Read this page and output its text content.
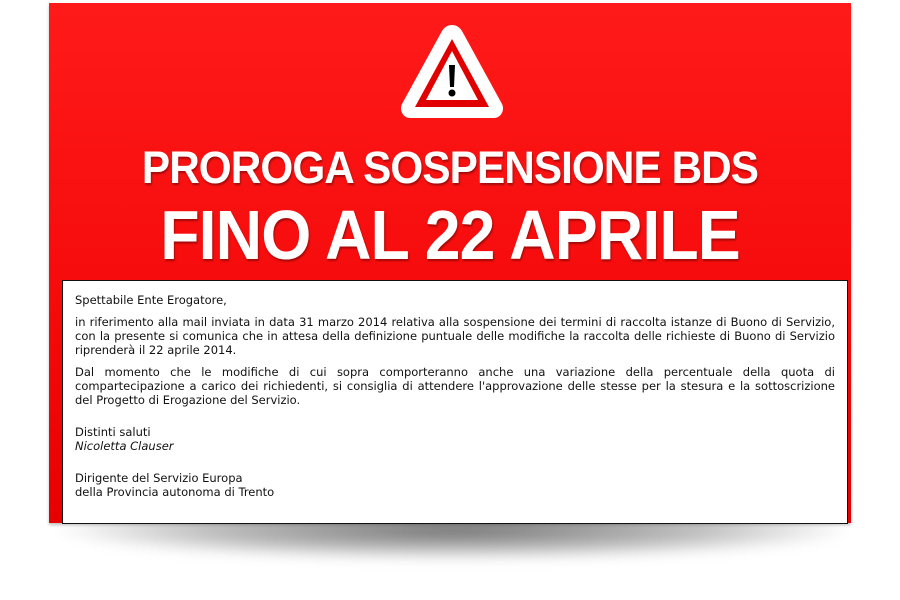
PROROGA SOSPENSIONE BDS
FINO AL 22 APRILE

Spettabile Ente Erogatore,

in riferimento alla mail inviata in data 31 marzo 2014 relativa alla sospensione dei termini di raccolta istanze di Buono di Servizio, con la presente si comunica che in attesa della definizione puntuale delle modifiche la raccolta delle richieste di Buono di Servizio riprenderà il 22 aprile 2014.

Dal momento che le modifiche di cui sopra comporteranno anche una variazione della percentuale della quota di compartecipazione a carico dei richiedenti, si consiglia di attendere l'approvazione delle stesse per la stesura e la sottoscrizione del Progetto di Erogazione del Servizio.

Distinti saluti

Nicoletta Clauser

Dirigente del Servizio Europa

della Provincia autonoma di Trento
